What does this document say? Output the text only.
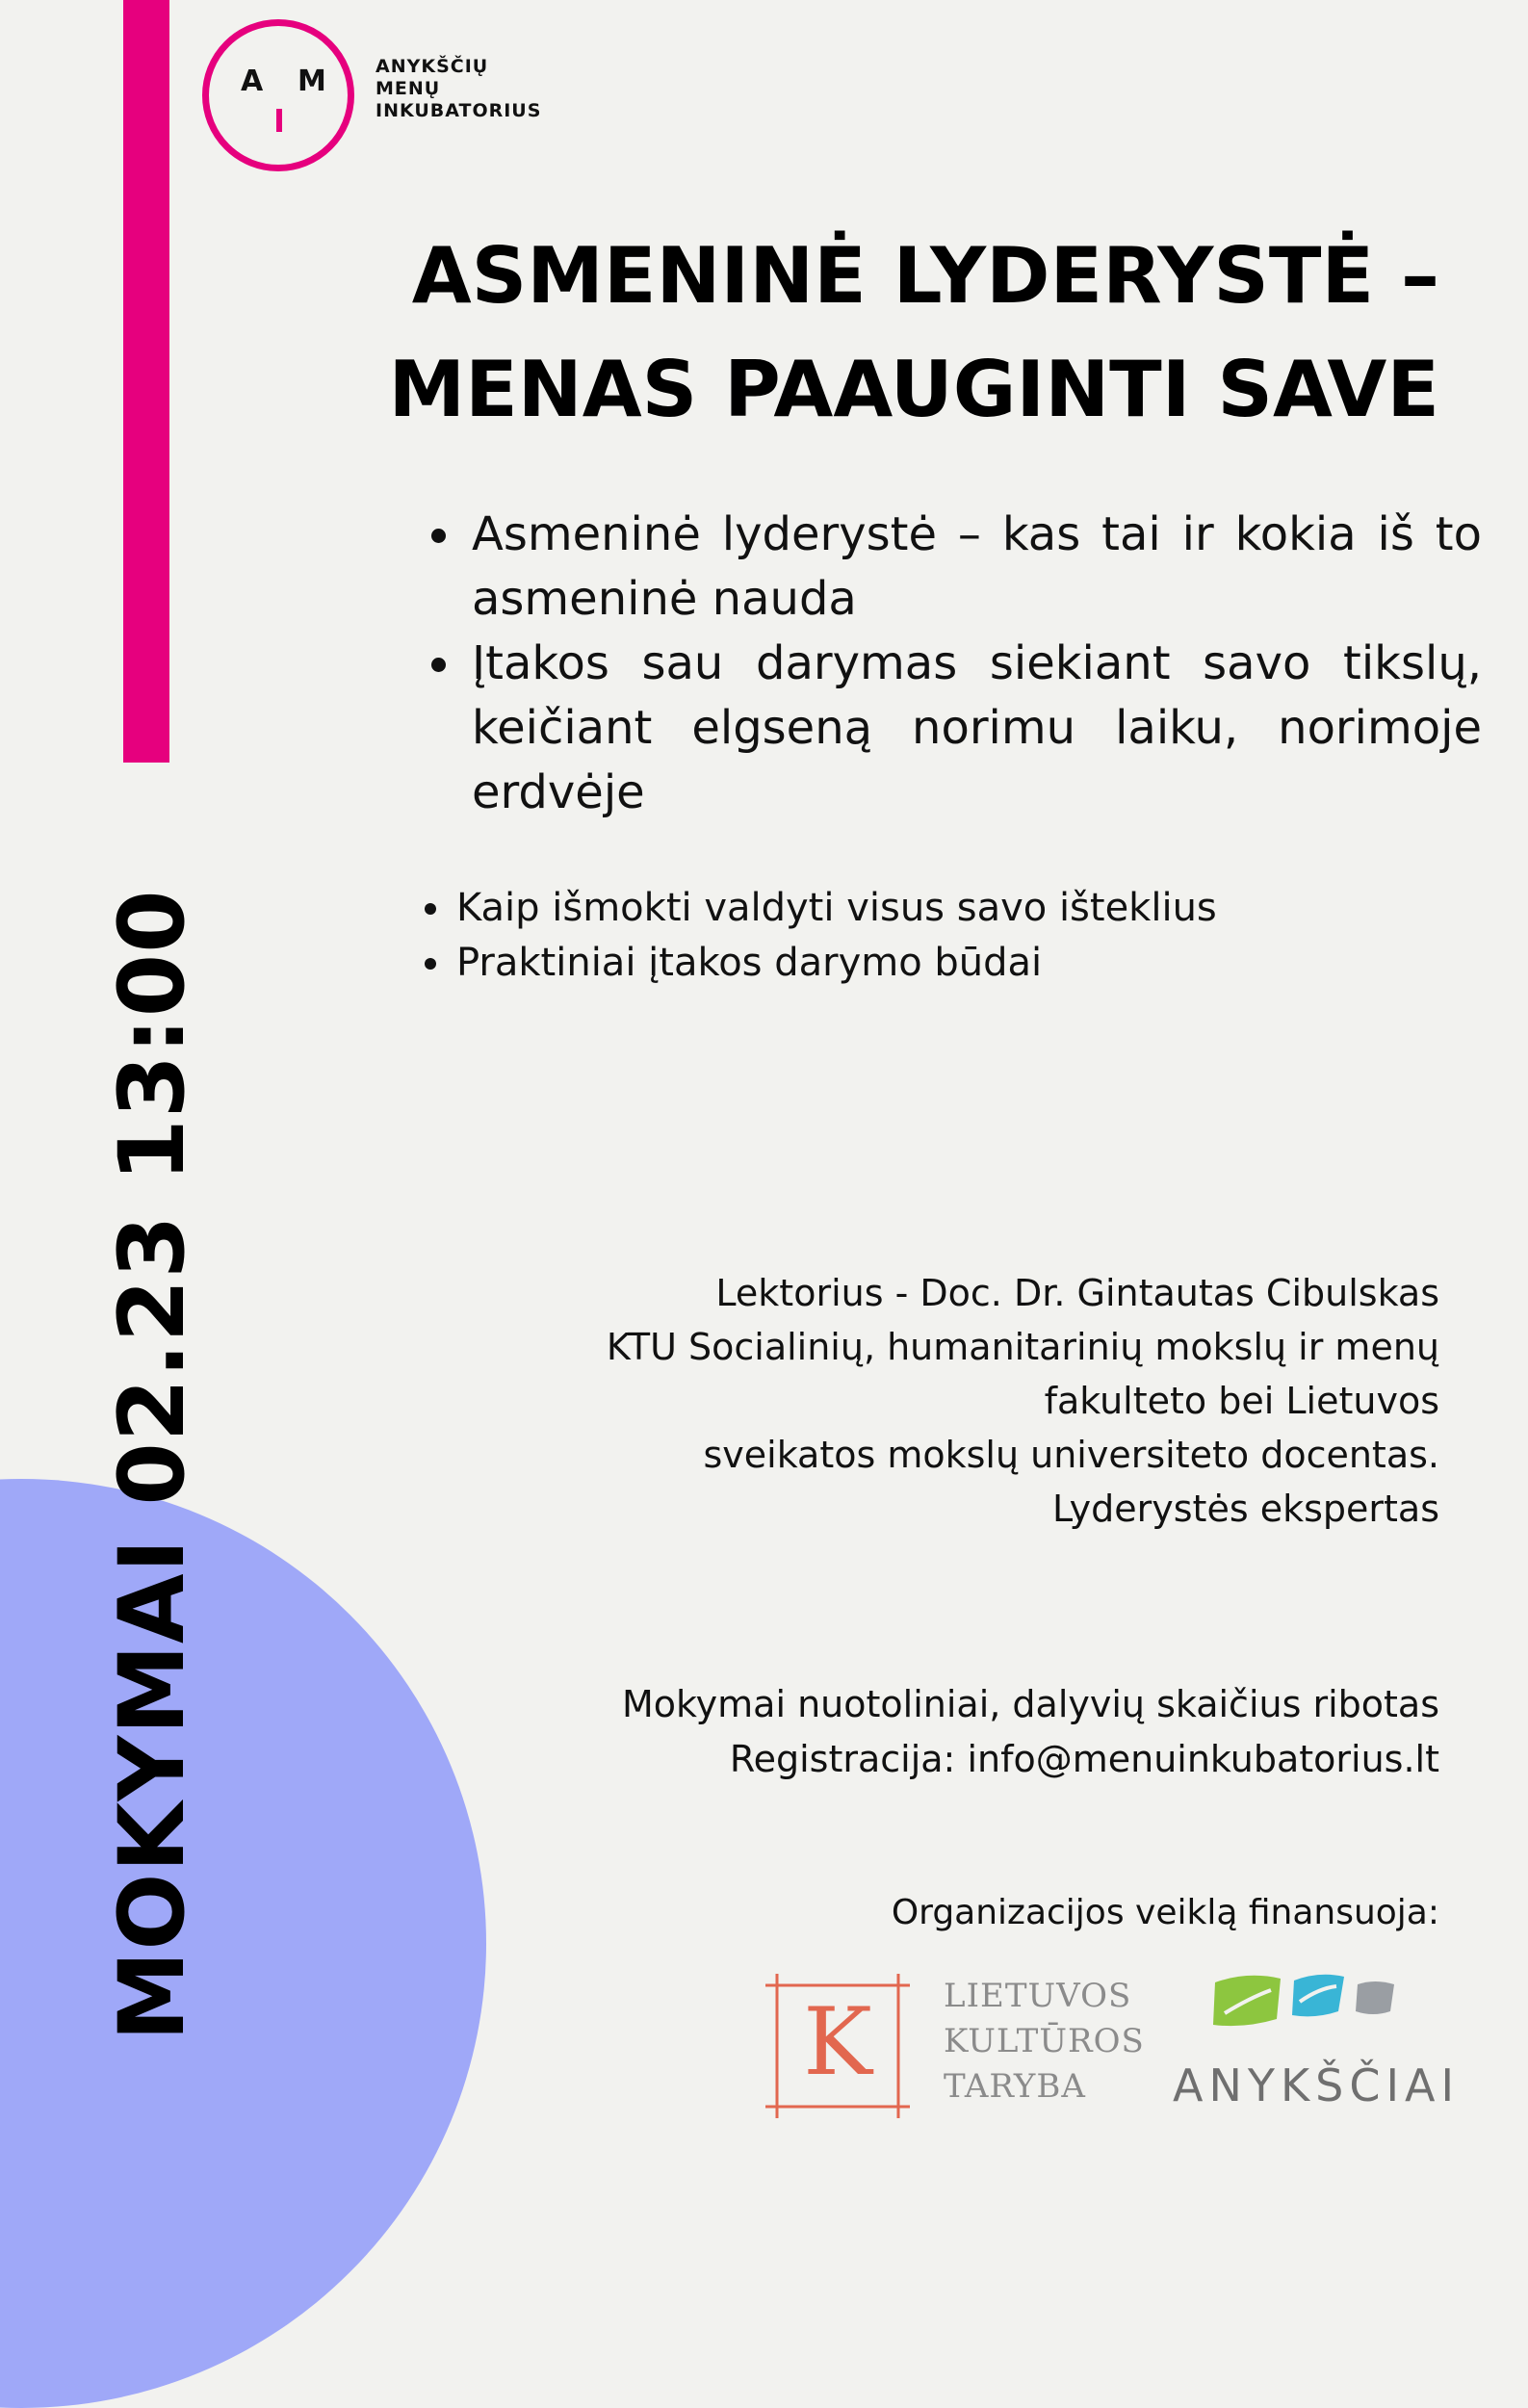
MOKYMAI 02.23 13:00
A M	ANYKŠČIŲ
MENŲ
INKUBATORIUS
ASMENINĖ LYDERYSTĖ –
MENAS PAAUGINTI SAVE
• Asmeninė lyderystė – kas tai ir kokia iš to asmeninė nauda
• Įtakos sau darymas siekiant savo tikslų, keičiant elgseną norimu laiku, norimoje erdvėje
• Kaip išmokti valdyti visus savo išteklius
• Praktiniai įtakos darymo būdai
Lektorius - Doc. Dr. Gintautas Cibulskas
KTU Socialinių, humanitarinių mokslų ir menų
fakulteto bei Lietuvos
sveikatos mokslų universiteto docentas.
Lyderystės ekspertas
Mokymai nuotoliniai, dalyvių skaičius ribotas
Registracija: info@menuinkubatorius.lt
Organizacijos veiklą finansuoja:
K	LIETUVOS
KULTŪROS
TARYBA	ANYKŠČIAI
